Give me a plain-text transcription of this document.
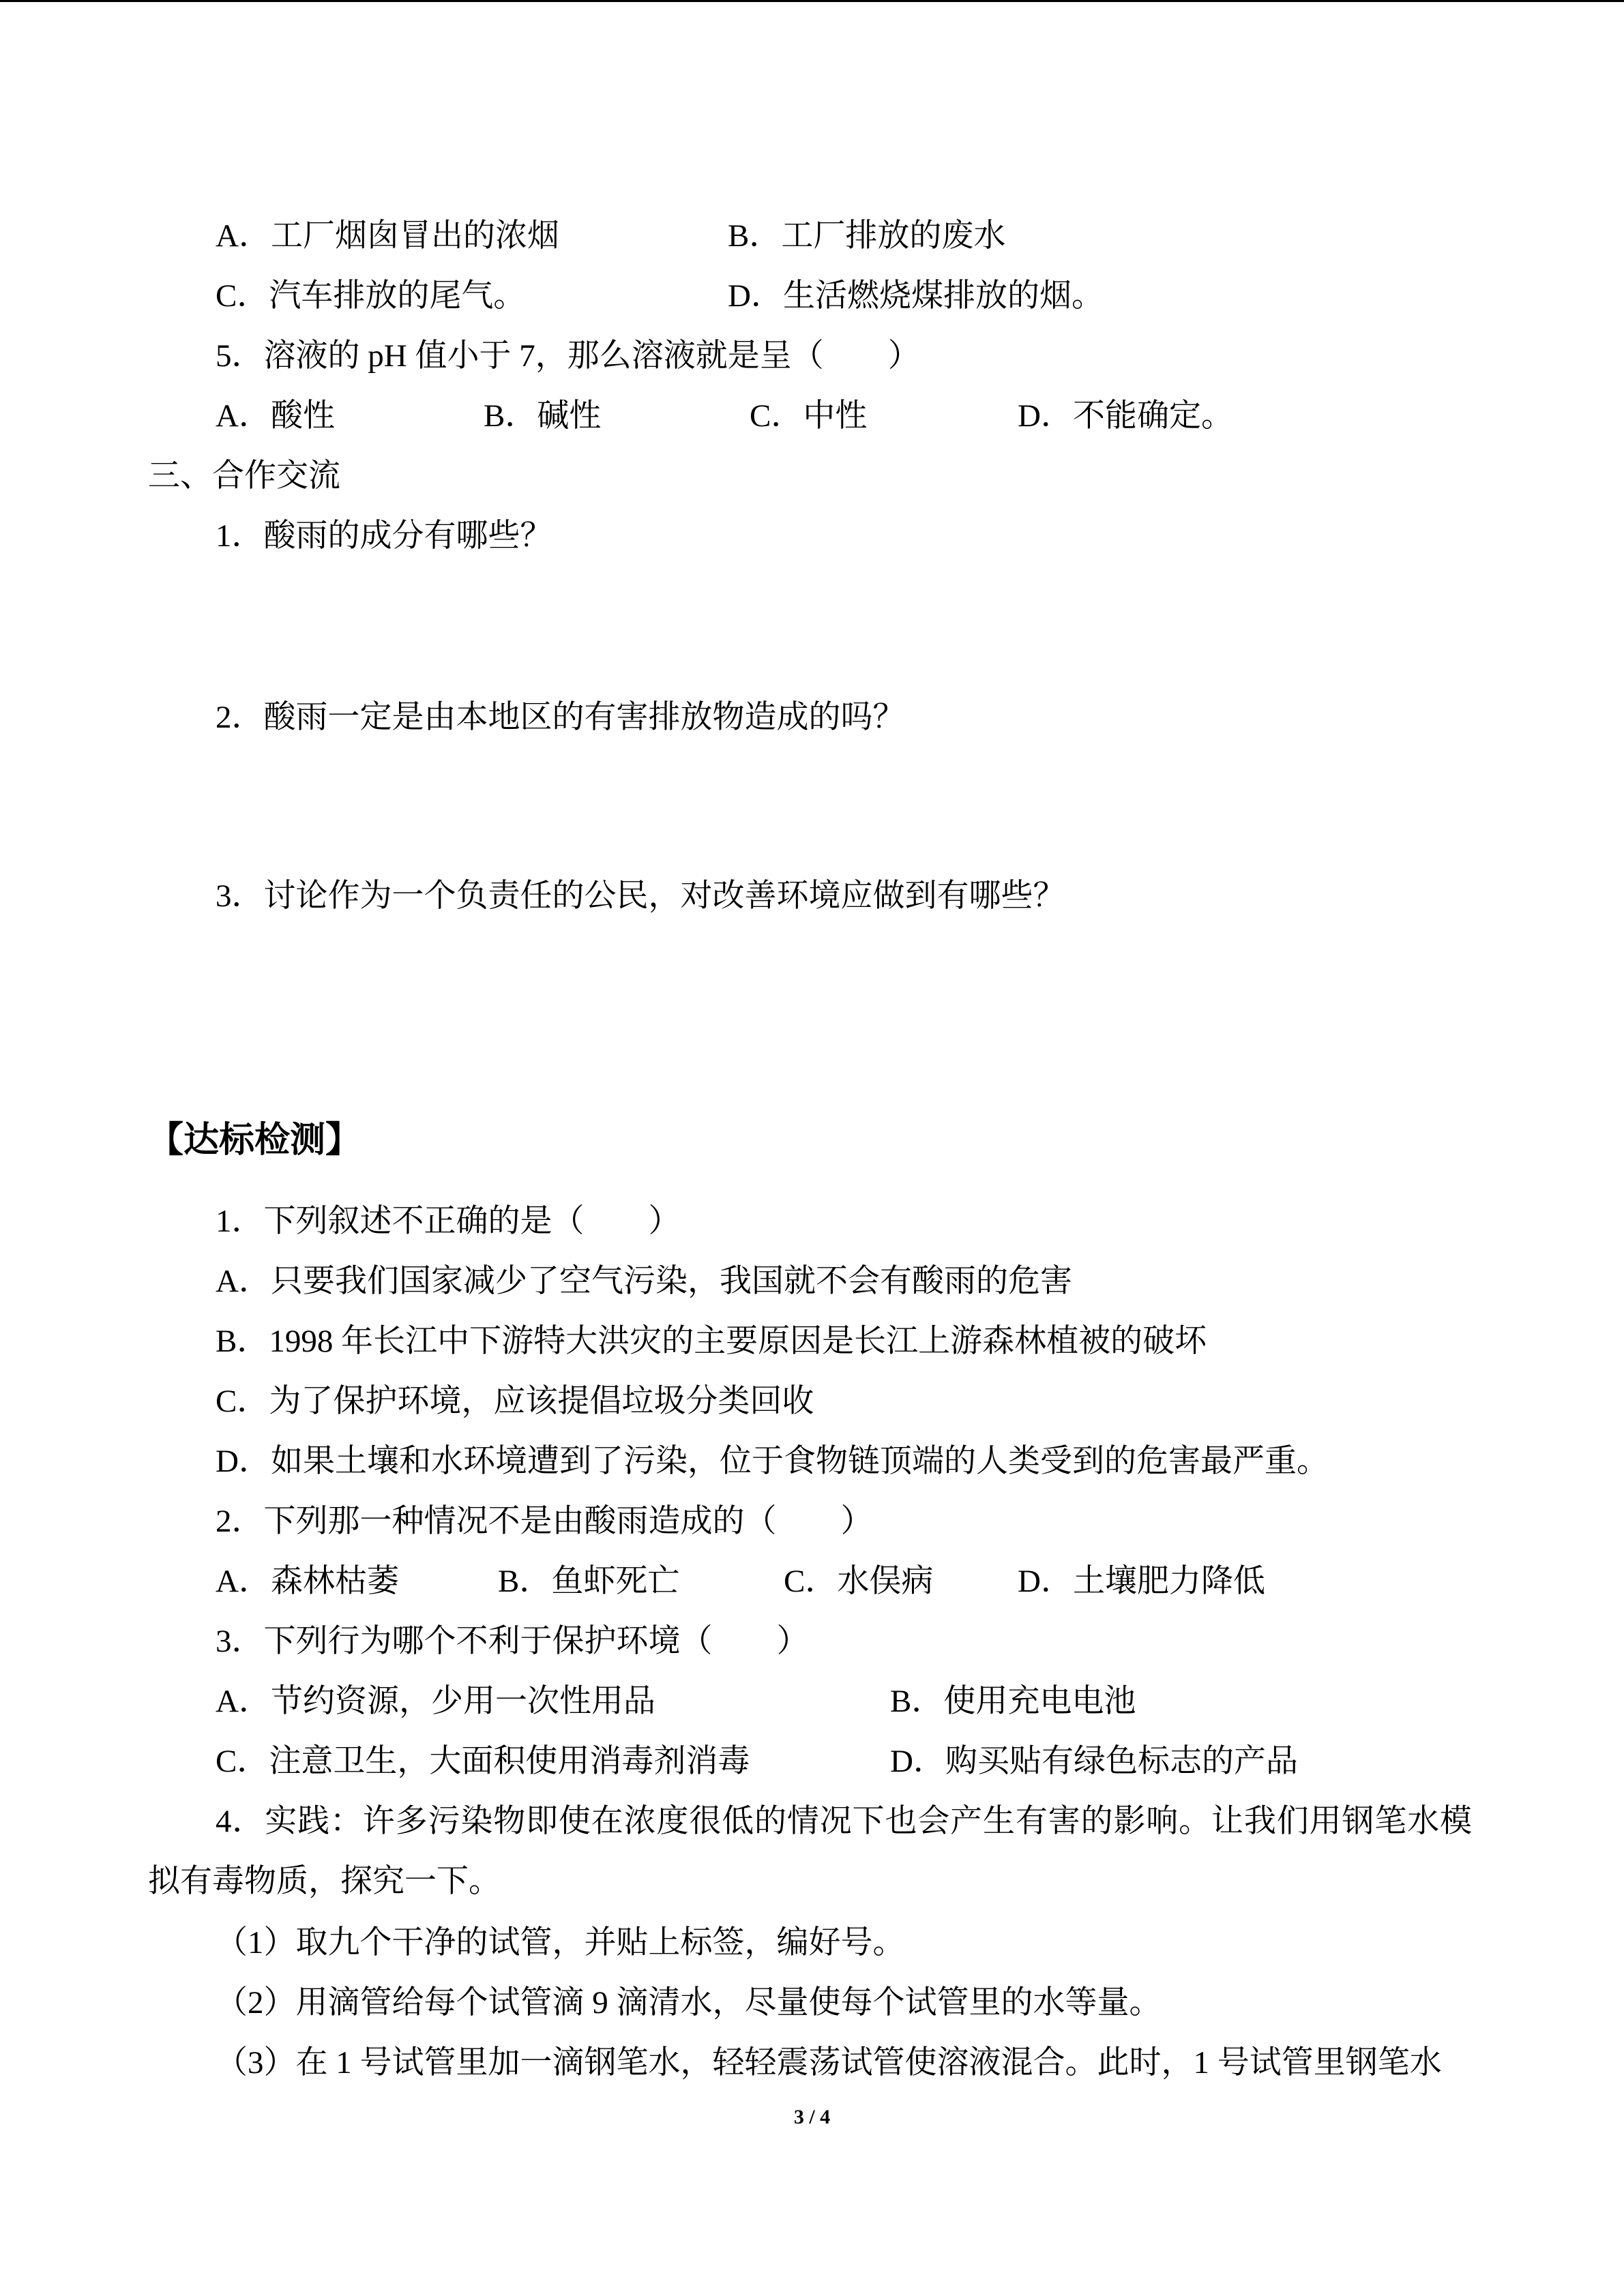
A．工厂烟囱冒出的浓烟	B．工厂排放的废水
C．汽车排放的尾气。	D．生活燃烧煤排放的烟。
5．溶液的 pH 值小于 7，那么溶液就是呈（　　）
A．酸性	B．碱性	C．中性	D．不能确定。
三、合作交流
1．酸雨的成分有哪些？
2．酸雨一定是由本地区的有害排放物造成的吗？
3．讨论作为一个负责任的公民，对改善环境应做到有哪些？
【达标检测】
1．下列叙述不正确的是（　　）
A．只要我们国家减少了空气污染，我国就不会有酸雨的危害
B．1998 年长江中下游特大洪灾的主要原因是长江上游森林植被的破坏
C．为了保护环境，应该提倡垃圾分类回收
D．如果土壤和水环境遭到了污染，位于食物链顶端的人类受到的危害最严重。
2．下列那一种情况不是由酸雨造成的（　　）
A．森林枯萎	B．鱼虾死亡	C．水俣病	D．土壤肥力降低
3．下列行为哪个不利于保护环境（　　）
A．节约资源，少用一次性用品	B．使用充电电池
C．注意卫生，大面积使用消毒剂消毒	D．购买贴有绿色标志的产品
4．实践：许多污染物即使在浓度很低的情况下也会产生有害的影响。让我们用钢笔水模
拟有毒物质，探究一下。
（1）取九个干净的试管，并贴上标签，编好号。
（2）用滴管给每个试管滴 9 滴清水，尽量使每个试管里的水等量。
（3）在 1 号试管里加一滴钢笔水，轻轻震荡试管使溶液混合。此时，1 号试管里钢笔水
3 / 4
